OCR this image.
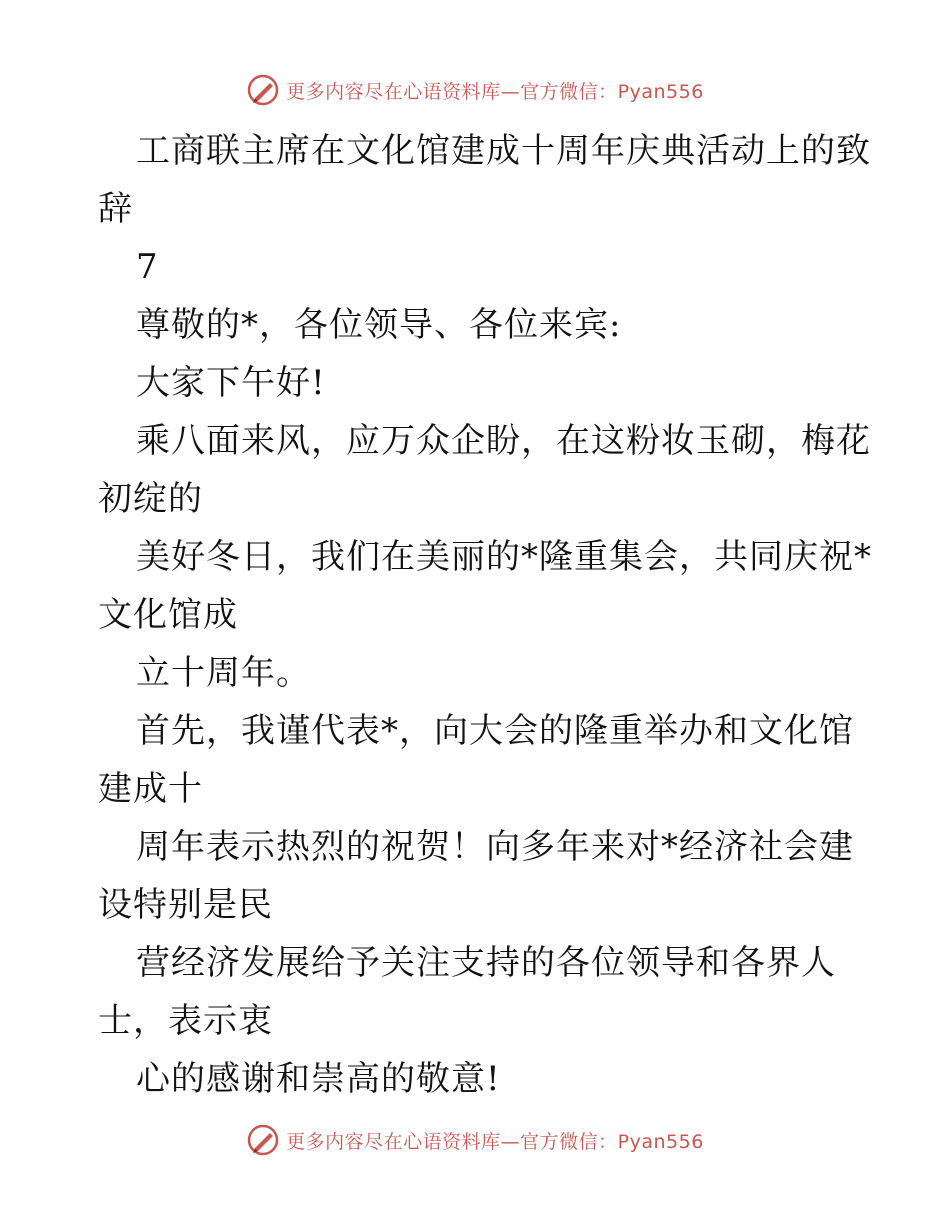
更多内容尽在心语资料库—官方微信：Pyan556
工商联主席在文化馆建成十周年庆典活动上的致
辞
7
尊敬的*，各位领导、各位来宾:
大家下午好!
乘八面来风，应万众企盼，在这粉妆玉砌，梅花
初绽的
美好冬日，我们在美丽的*隆重集会，共同庆祝*
文化馆成
立十周年。
首先，我谨代表*，向大会的隆重举办和文化馆
建成十
周年表示热烈的祝贺！向多年来对*经济社会建
设特别是民
营经济发展给予关注支持的各位领导和各界人
士，表示衷
心的感谢和崇高的敬意!
更多内容尽在心语资料库—官方微信：Pyan556
